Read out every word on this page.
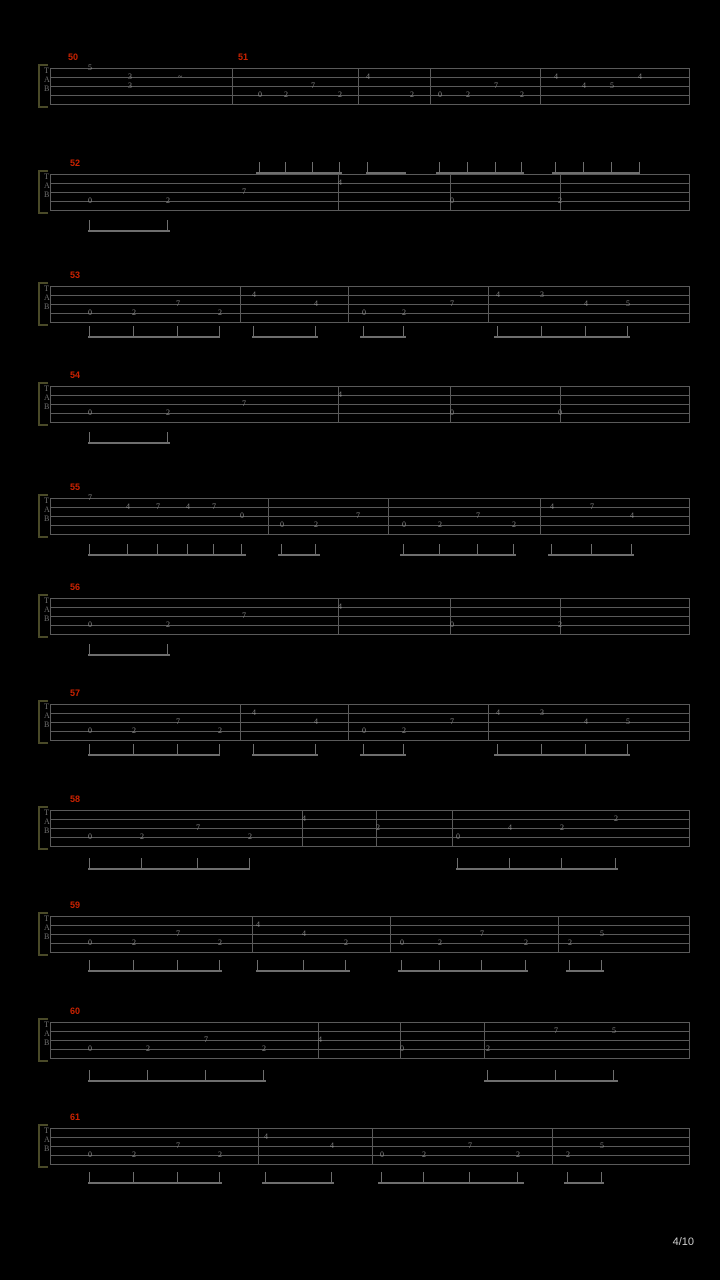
50	51
T
A
B
5
3
3
~
0	2
7
2
4
2	0	2
7
2
4
4	5
4
52
T
A
B
0	2
7
4
0	2
53
T
A
B
0	2
7
2
4
4
0	2
7
4	3
4	5
54
T
A
B
0	2
7
4
0	0
55
T
A
B
7
4	7	4	7
0
0	2
7
0	2
7
2
4	7
4
56
T
A
B
0	2
7
4
0	2
57
T
A
B
0	2
7
2
4
4
0	2
7
4	3
4	5
58
T
A
B
0	2
7
2
4
2
0
4	2
2
59
T
A
B
0	2
7
2
4
4
2	0	2
7
2	2
5
60
T
A
B
0	2
7
2
4
0	2
7	5
61
T
A
B
0	2
7
2
4
4
0	2
7
2	2
5
4/10
